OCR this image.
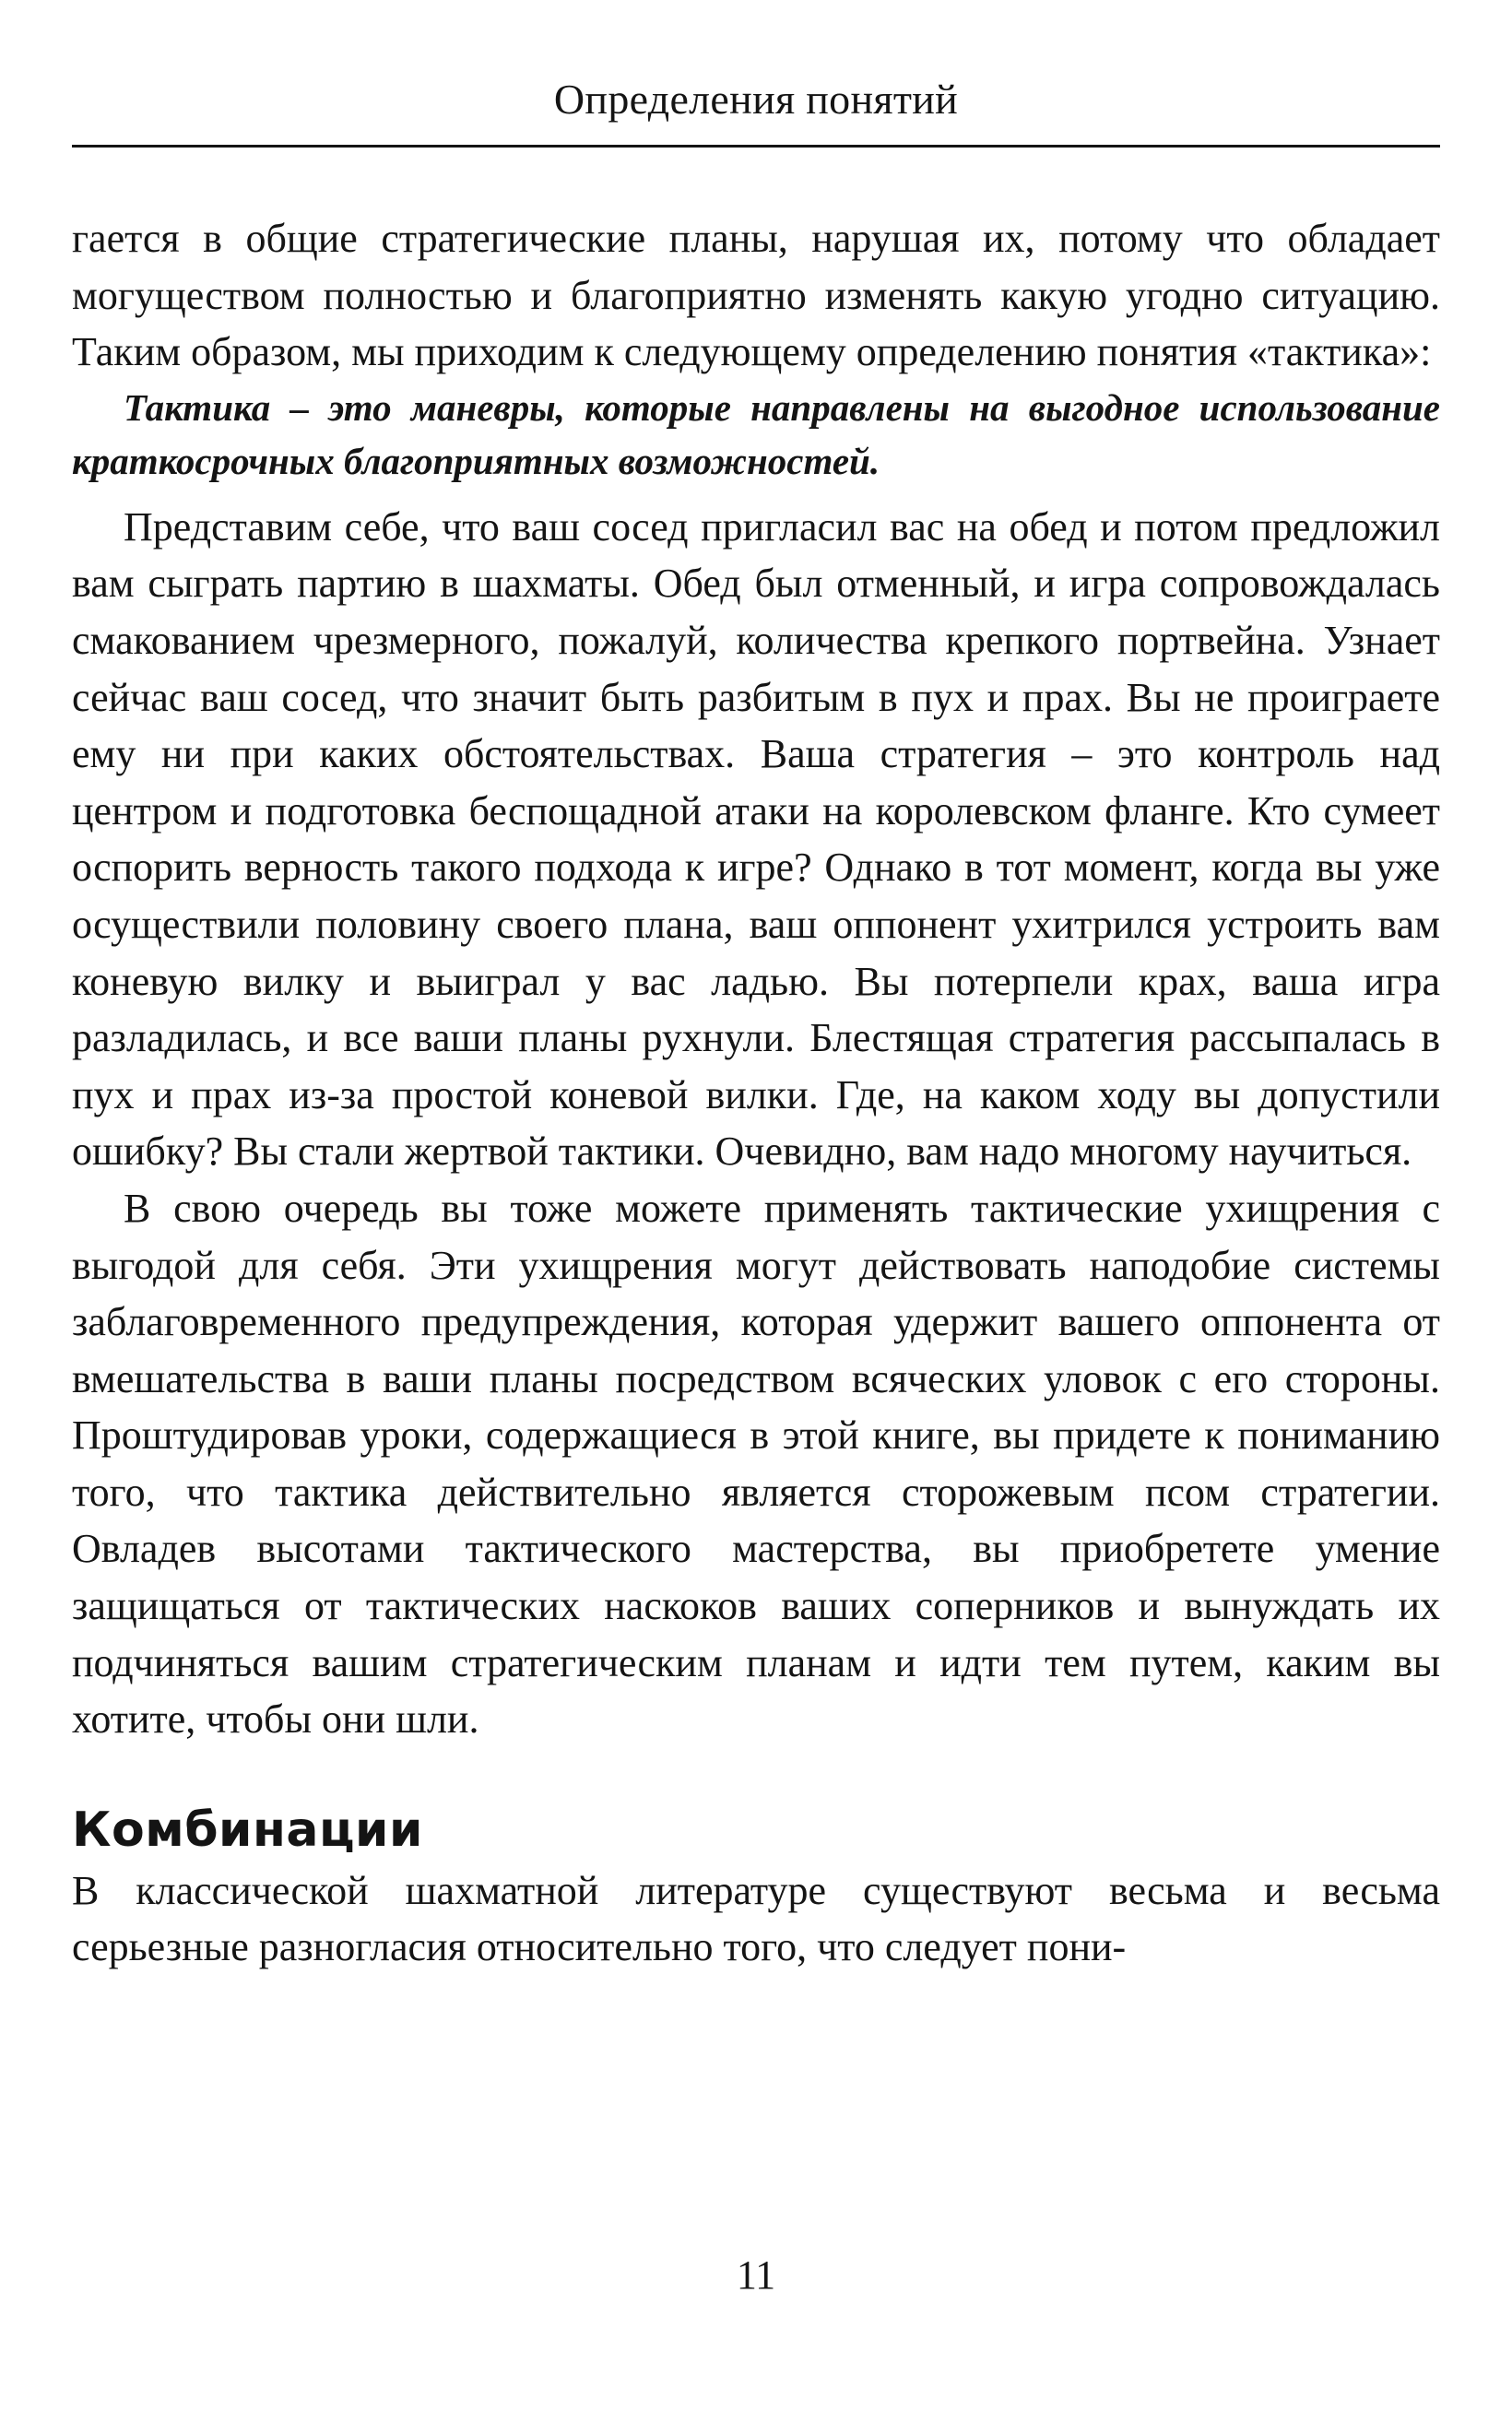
Определения понятий

гается в общие стратегические планы, нарушая их, потому что обладает могуществом полностью и благоприятно изменять какую угодно ситуацию. Таким образом, мы приходим к следующему определению понятия «тактика»:

Тактика – это маневры, которые направлены на выгодное использование краткосрочных благоприятных возможностей.

Представим себе, что ваш сосед пригласил вас на обед и потом предложил вам сыграть партию в шахматы. Обед был отменный, и игра сопровождалась смакованием чрезмерного, пожалуй, количества крепкого портвейна. Узнает сейчас ваш сосед, что значит быть разбитым в пух и прах. Вы не проиграете ему ни при каких обстоятельствах. Ваша стратегия – это контроль над центром и подготовка беспощадной атаки на королевском фланге. Кто сумеет оспорить верность такого подхода к игре? Однако в тот момент, когда вы уже осуществили половину своего плана, ваш оппонент ухитрился устроить вам коневую вилку и выиграл у вас ладью. Вы потерпели крах, ваша игра разладилась, и все ваши планы рухнули. Блестящая стратегия рассыпалась в пух и прах из-за простой коневой вилки. Где, на каком ходу вы допустили ошибку? Вы стали жертвой тактики. Очевидно, вам надо многому научиться.

В свою очередь вы тоже можете применять тактические ухищрения с выгодой для себя. Эти ухищрения могут действовать наподобие системы заблаговременного предупреждения, которая удержит вашего оппонента от вмешательства в ваши планы посредством всяческих уловок с его стороны. Проштудировав уроки, содержащиеся в этой книге, вы придете к пониманию того, что тактика действительно является сторожевым псом стратегии. Овладев высотами тактического мастерства, вы приобретете умение защищаться от тактических наскоков ваших соперников и вынуждать их подчиняться вашим стратегическим планам и идти тем путем, каким вы хотите, чтобы они шли.

Комбинации

В классической шахматной литературе существуют весьма и весьма серьезные разногласия относительно того, что следует пони-

11
